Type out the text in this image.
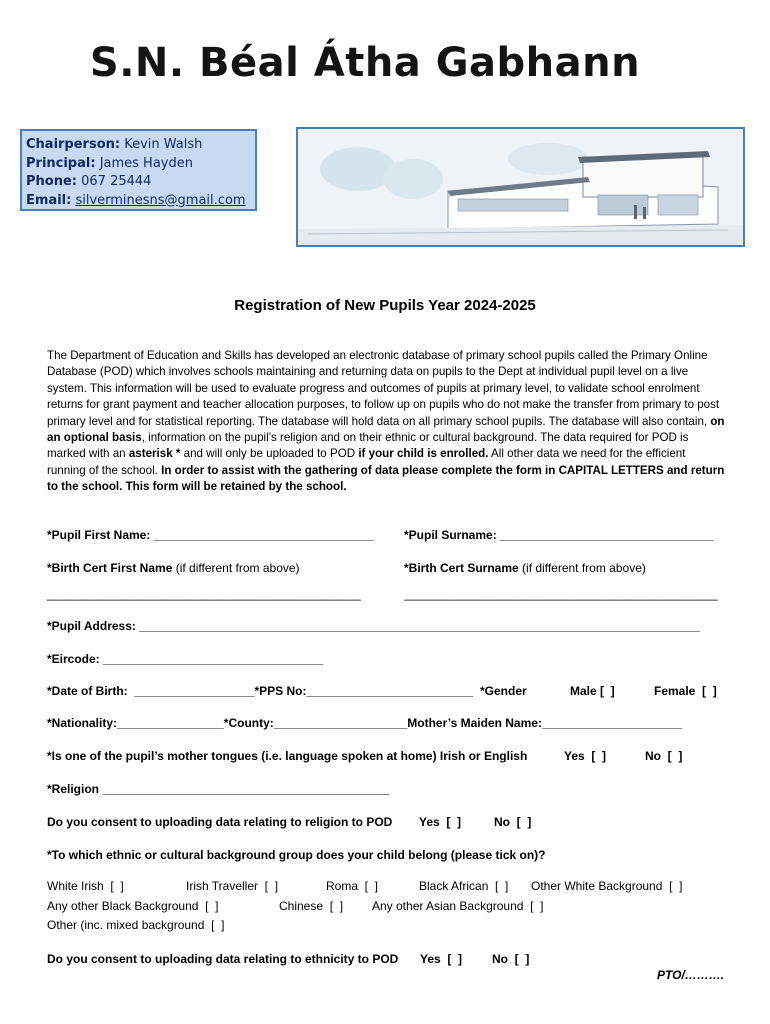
S.N. Béal Átha Gabhann
Chairperson: Kevin Walsh
Principal: James Hayden
Phone: 067 25444
Email: silverminesns@gmail.com
Registration of New Pupils Year 2024-2025
The Department of Education and Skills has developed an electronic database of primary school pupils called the Primary Online Database (POD) which involves schools maintaining and returning data on pupils to the Dept at individual pupil level on a live system. This information will be used to evaluate progress and outcomes of pupils at primary level, to validate school enrolment returns for grant payment and teacher allocation purposes, to follow up on pupils who do not make the transfer from primary to post primary level and for statistical reporting. The database will hold data on all primary school pupils. The database will also contain, on an optional basis, information on the pupil’s religion and on their ethnic or cultural background. The data required for POD is marked with an asterisk * and will only be uploaded to POD if your child is enrolled. All other data we need for the efficient running of the school. In order to assist with the gathering of data please complete the form in CAPITAL LETTERS and return to the school. This form will be retained by the school.
*Pupil First Name: _________________________________	*Pupil Surname: ________________________________
*Birth Cert First Name (if different from above)	*Birth Cert Surname (if different from above)
_______________________________________________	_______________________________________________
*Pupil Address: ____________________________________________________________________________________
*Eircode: _________________________________
*Date of Birth:  __________________*PPS No:_________________________  *Gender	Male [  ]	Female  [  ]
*Nationality:________________*County:____________________Mother’s Maiden Name:_____________________
*Is one of the pupil’s mother tongues (i.e. language spoken at home) Irish or English	Yes  [  ]	No  [  ]
*Religion ___________________________________________
Do you consent to uploading data relating to religion to POD Yes  [  ]	No  [  ]
*To which ethnic or cultural background group does your child belong (please tick on)?
White Irish  [  ]	Irish Traveller  [  ]	Roma  [  ]	Black African  [  ] Other White Background  [  ]
Any other Black Background  [  ]	Chinese  [  ] Any other Asian Background  [  ]
Other (inc. mixed background  [  ]
Do you consent to uploading data relating to ethnicity to POD Yes  [  ] No  [  ]
PTO/……….
